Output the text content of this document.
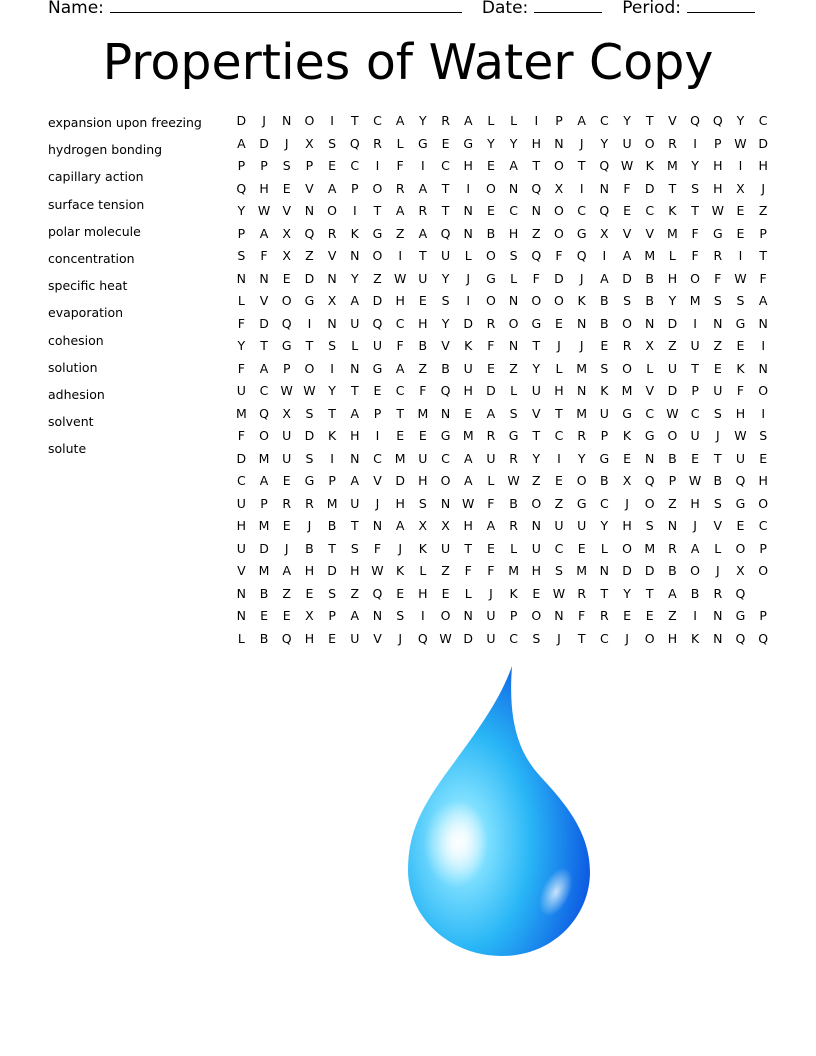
Name:	Date:	Period:
Properties of Water Copy
expansion upon freezing
hydrogen bonding
capillary action
surface tension
polar molecule
concentration
specific heat
evaporation
cohesion
solution
adhesion
solvent
solute
D	J	N	O	I	T	C	A	Y	R	A	L	L	I	P	A	C	Y	T	V	Q	Q	Y	C
A	D	J	X	S	Q	R	L	G	E	G	Y	Y	H	N	J	Y	U	O	R	I	P	W D
P	P	S	P	E	C	I	F	I	C	H	E	A	T	O	T	Q W K	M	Y	H	I	H
Q	H	E	V	A	P	O	R	A	T	I	O	N	Q	X	I	N	F	D	T	S	H	X	J
Y	W V	N	O	I	T	A	R	T	N	E	C	N	O	C	Q	E	C	K	T	W	E	Z
P	A	X	Q	R	K	G	Z	A	Q	N	B	H	Z	O	G	X	V	V	M	F	G	E	P
S	F	X	Z	V	N	O	I	T	U	L	O	S	Q	F	Q	I	A	M	L	F	R	I	T
N	N	E	D	N	Y	Z W U	Y	J	G	L	F	D	J	A	D	B	H	O	F	W	F
L	V	O	G	X	A	D	H	E	S	I	O	N	O	O	K	B	S	B	Y	M	S	S	A
F	D	Q	I	N	U	Q	C	H	Y	D	R	O	G	E	N	B	O	N	D	I	N	G	N
Y	T	G	T	S	L	U	F	B	V	K	F	N	T	J	J	E	R	X	Z	U	Z	E	I
F	A	P	O	I	N	G	A	Z	B	U	E	Z	Y	L	M	S	O	L	U	T	E	K	N
U	C W W	Y	T	E	C	F	Q	H	D	L	U	H	N	K	M	V	D	P	U	F	O
M Q	X	S	T	A	P	T	M	N	E	A	S	V	T	M	U	G	C W C	S	H	I
F	O	U	D	K	H	I	E	E	G M	R	G	T	C	R	P	K	G	O	U	J	W	S
D M	U	S	I	N	C	M	U	C	A	U	R	Y	I	Y	G	E	N	B	E	T	U	E
C	A	E	G	P	A	V	D	H	O	A	L	W Z	E	O	B	X	Q	P	W B	Q	H
U	P	R	R	M	U	J	H	S	N W	F	B	O	Z	G	C	J	O	Z	H	S	G	O
H	M	E	J	B	T	N	A	X	X	H	A	R	N	U	U	Y	H	S	N	J	V	E	C
U	D	J	B	T	S	F	J	K	U	T	E	L	U	C	E	L	O M	R	A	L	O	P
V	M	A	H	D	H W K	L	Z	F	F	M	H	S	M	N	D	D	B	O	J	X	O
N	B	Z	E	S	Z	Q	E	H	E	L	J	K	E	W R	T	Y	T	A	B	R	Q
N	E	E	X	P	A	N	S	I	O	N	U	P	O	N	F	R	E	E	Z	I	N	G	P
L	B	Q	H	E	U	V	J	Q W D	U	C	S	J	T	C	J	O	H	K	N	Q	Q
